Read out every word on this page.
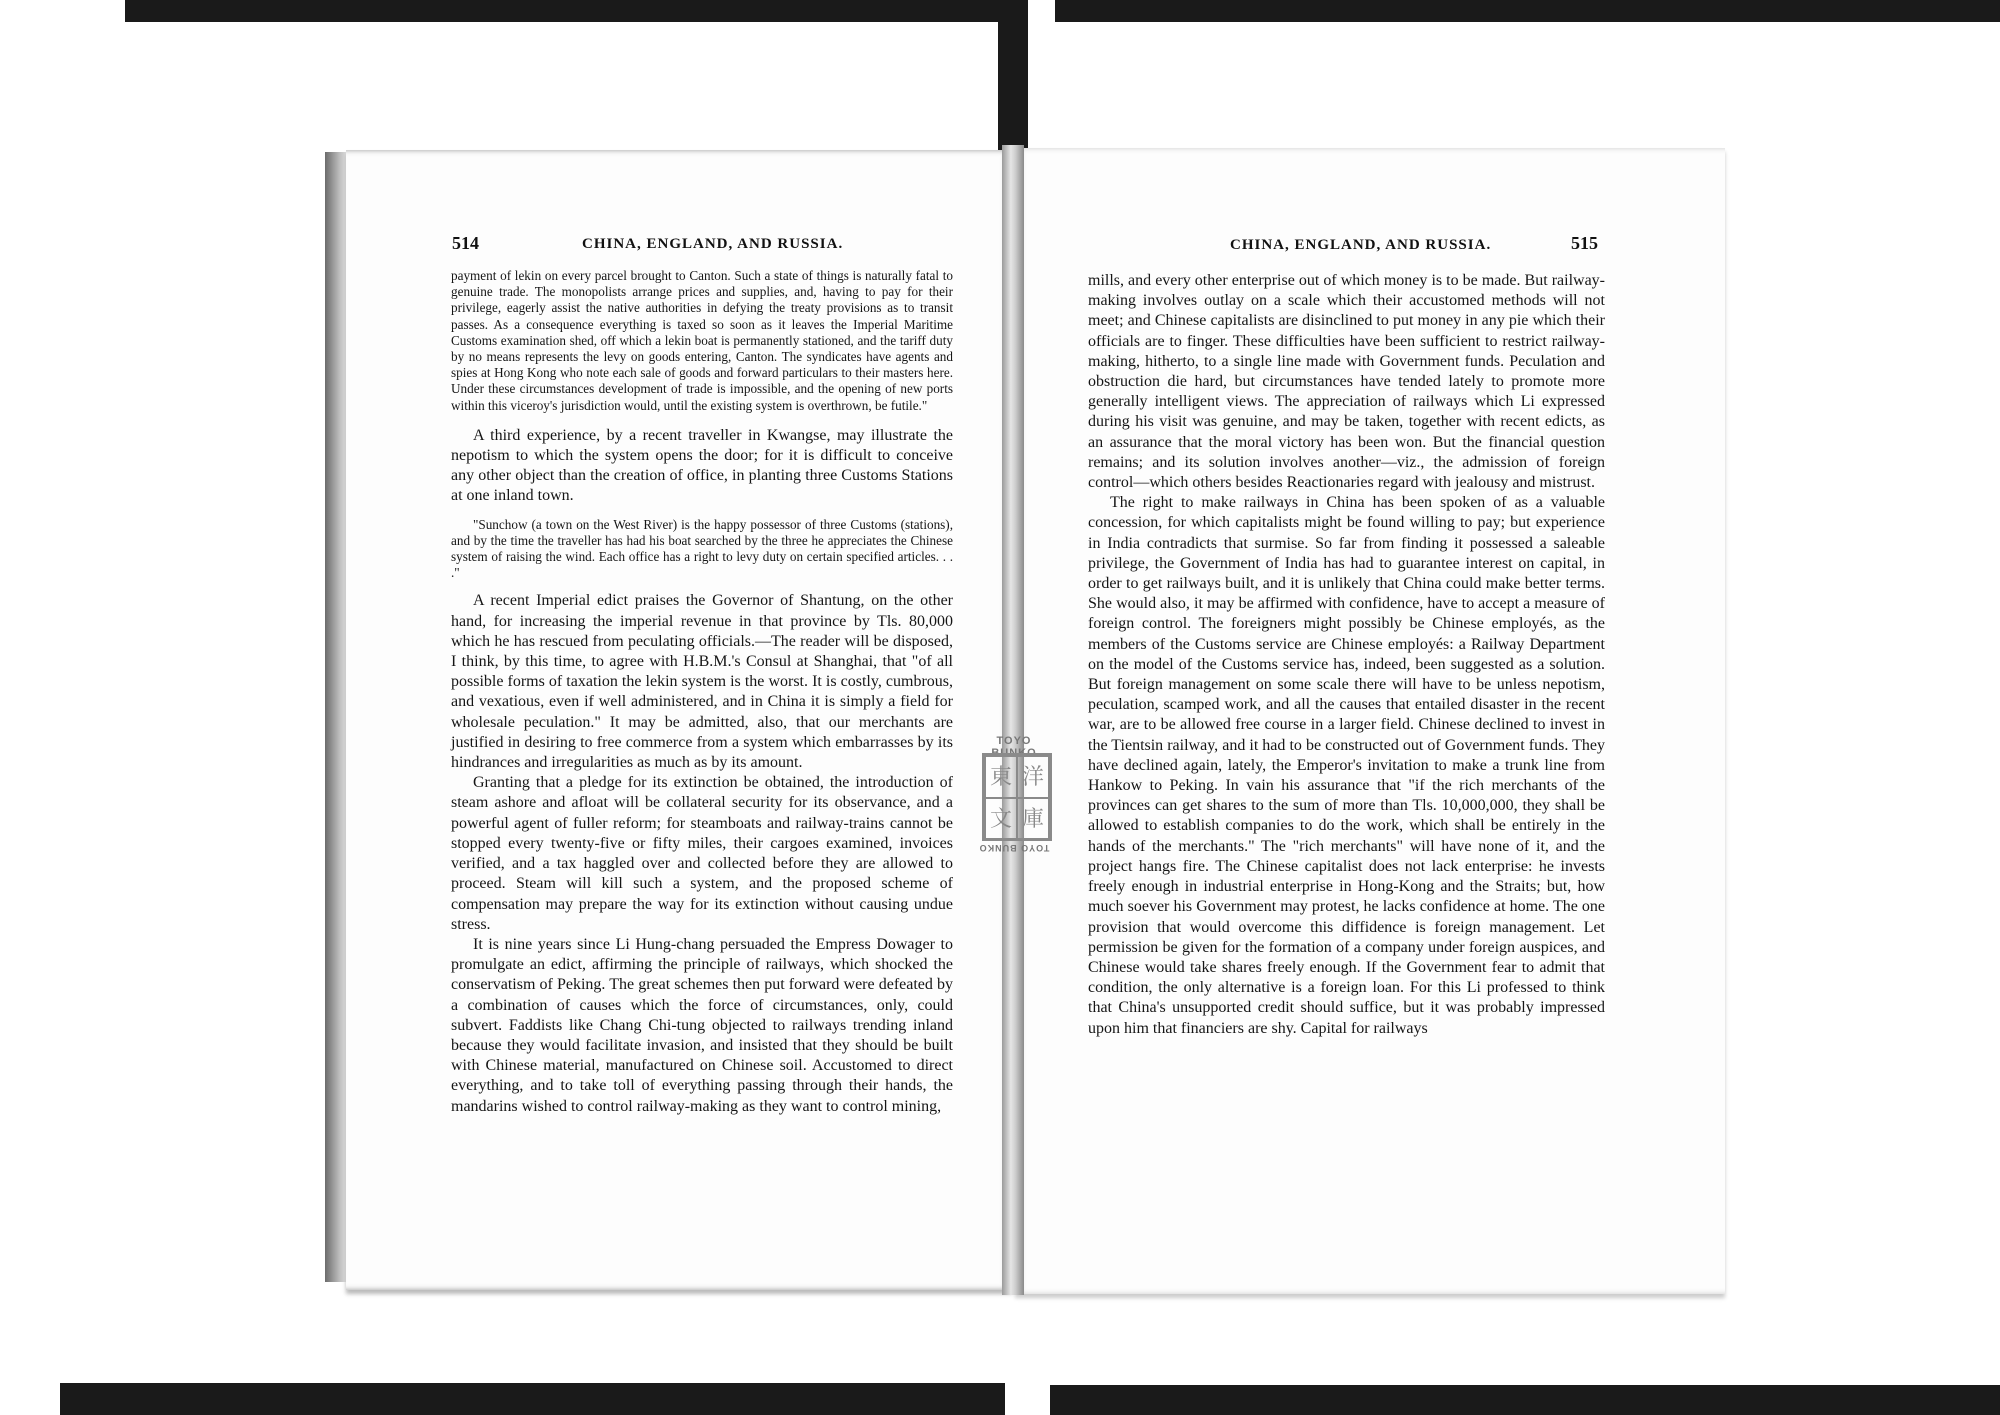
514	CHINA, ENGLAND, AND RUSSIA.

payment of lekin on every parcel brought to Canton. Such a state of things is naturally fatal to genuine trade. The monopolists arrange prices and supplies, and, having to pay for their privilege, eagerly assist the native authorities in defying the treaty provisions as to transit passes. As a consequence everything is taxed so soon as it leaves the Imperial Maritime Customs examination shed, off which a lekin boat is permanently stationed, and the tariff duty by no means represents the levy on goods entering, Canton. The syndicates have agents and spies at Hong Kong who note each sale of goods and forward particulars to their masters here. Under these circumstances development of trade is impossible, and the opening of new ports within this viceroy's jurisdiction would, until the existing system is overthrown, be futile."

A third experience, by a recent traveller in Kwangse, may illustrate the nepotism to which the system opens the door; for it is difficult to conceive any other object than the creation of office, in planting three Customs Stations at one inland town.

"Sunchow (a town on the West River) is the happy possessor of three Customs (stations), and by the time the traveller has had his boat searched by the three he appreciates the Chinese system of raising the wind. Each office has a right to levy duty on certain specified articles. . . ."

A recent Imperial edict praises the Governor of Shantung, on the other hand, for increasing the imperial revenue in that province by Tls. 80,000 which he has rescued from peculating officials.—The reader will be disposed, I think, by this time, to agree with H.B.M.'s Consul at Shanghai, that "of all possible forms of taxation the lekin system is the worst. It is costly, cumbrous, and vexatious, even if well administered, and in China it is simply a field for wholesale peculation." It may be admitted, also, that our merchants are justified in desiring to free commerce from a system which embarrasses by its hindrances and irregularities as much as by its amount.

Granting that a pledge for its extinction be obtained, the introduction of steam ashore and afloat will be collateral security for its observance, and a powerful agent of fuller reform; for steamboats and railway-trains cannot be stopped every twenty-five or fifty miles, their cargoes examined, invoices verified, and a tax haggled over and collected before they are allowed to proceed. Steam will kill such a system, and the proposed scheme of compensation may prepare the way for its extinction without causing undue stress.

It is nine years since Li Hung-chang persuaded the Empress Dowager to promulgate an edict, affirming the principle of railways, which shocked the conservatism of Peking. The great schemes then put forward were defeated by a combination of causes which the force of circumstances, only, could subvert. Faddists like Chang Chi-tung objected to railways trending inland because they would facilitate invasion, and insisted that they should be built with Chinese material, manufactured on Chinese soil. Accustomed to direct everything, and to take toll of everything passing through their hands, the mandarins wished to control railway-making as they want to control mining,

CHINA, ENGLAND, AND RUSSIA.	515

mills, and every other enterprise out of which money is to be made. But railway-making involves outlay on a scale which their accustomed methods will not meet; and Chinese capitalists are disinclined to put money in any pie which their officials are to finger. These difficulties have been sufficient to restrict railway-making, hitherto, to a single line made with Government funds. Peculation and obstruction die hard, but circumstances have tended lately to promote more generally intelligent views. The appreciation of railways which Li expressed during his visit was genuine, and may be taken, together with recent edicts, as an assurance that the moral victory has been won. But the financial question remains; and its solution involves another—viz., the admission of foreign control—which others besides Reactionaries regard with jealousy and mistrust.

The right to make railways in China has been spoken of as a valuable concession, for which capitalists might be found willing to pay; but experience in India contradicts that surmise. So far from finding it possessed a saleable privilege, the Government of India has had to guarantee interest on capital, in order to get railways built, and it is unlikely that China could make better terms. She would also, it may be affirmed with confidence, have to accept a measure of foreign control. The foreigners might possibly be Chinese employés, as the members of the Customs service are Chinese employés: a Railway Department on the model of the Customs service has, indeed, been suggested as a solution. But foreign management on some scale there will have to be unless nepotism, peculation, scamped work, and all the causes that entailed disaster in the recent war, are to be allowed free course in a larger field. Chinese declined to invest in the Tientsin railway, and it had to be constructed out of Government funds. They have declined again, lately, the Emperor's invitation to make a trunk line from Hankow to Peking. In vain his assurance that "if the rich merchants of the provinces can get shares to the sum of more than Tls. 10,000,000, they shall be allowed to establish companies to do the work, which shall be entirely in the hands of the merchants." The "rich merchants" will have none of it, and the project hangs fire. The Chinese capitalist does not lack enterprise: he invests freely enough in industrial enterprise in Hong-Kong and the Straits; but, how much soever his Government may protest, he lacks confidence at home. The one provision that would overcome this diffidence is foreign management. Let permission be given for the formation of a company under foreign auspices, and Chinese would take shares freely enough. If the Government fear to admit that condition, the only alternative is a foreign loan. For this Li professed to think that China's unsupported credit should suffice, but it was probably impressed upon him that financiers are shy. Capital for railways

TOYO BUNKO
東 洋
文 庫
TOYO BUNKO
